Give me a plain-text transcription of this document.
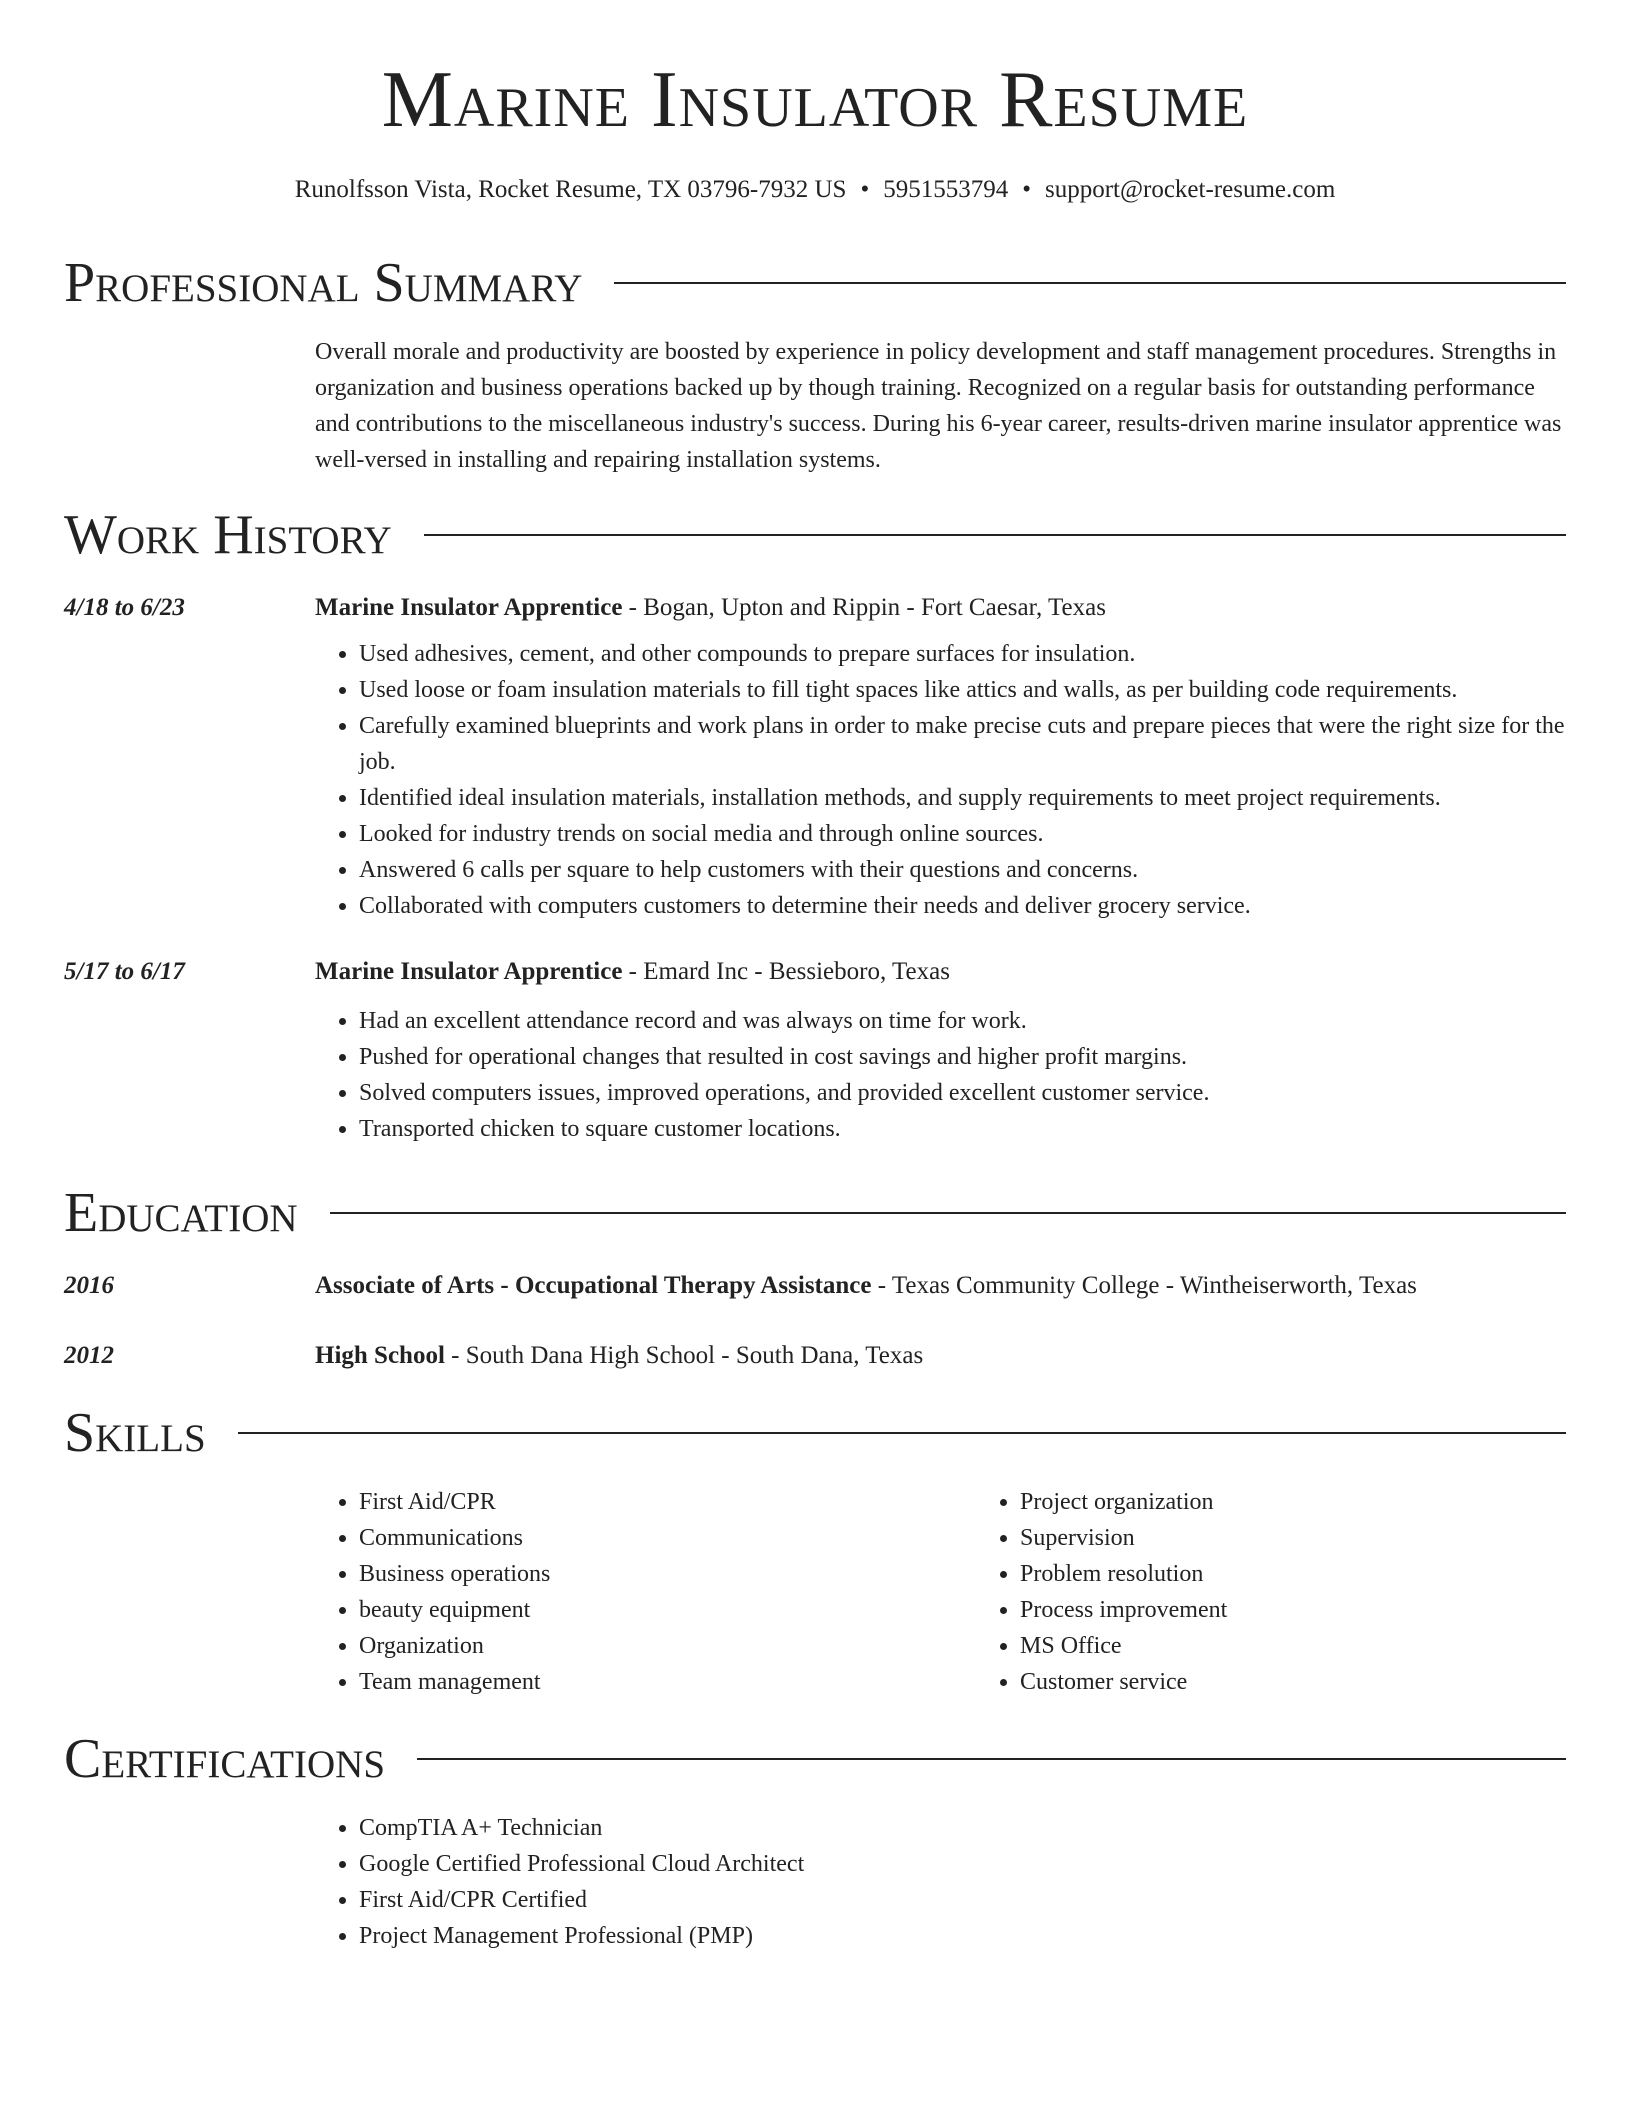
Marine Insulator Resume
Runolfsson Vista, Rocket Resume, TX 03796-7932 US • 5951553794 • support@rocket-resume.com
Professional Summary
Overall morale and productivity are boosted by experience in policy development and staff management procedures. Strengths in organization and business operations backed up by though training. Recognized on a regular basis for outstanding performance and contributions to the miscellaneous industry's success. During his 6-year career, results-driven marine insulator apprentice was well-versed in installing and repairing installation systems.
Work History
4/18 to 6/23	Marine Insulator Apprentice - Bogan, Upton and Rippin - Fort Caesar, Texas
• Used adhesives, cement, and other compounds to prepare surfaces for insulation.
• Used loose or foam insulation materials to fill tight spaces like attics and walls, as per building code requirements.
• Carefully examined blueprints and work plans in order to make precise cuts and prepare pieces that were the right size for the job.
• Identified ideal insulation materials, installation methods, and supply requirements to meet project requirements.
• Looked for industry trends on social media and through online sources.
• Answered 6 calls per square to help customers with their questions and concerns.
• Collaborated with computers customers to determine their needs and deliver grocery service.
5/17 to 6/17	Marine Insulator Apprentice - Emard Inc - Bessieboro, Texas
• Had an excellent attendance record and was always on time for work.
• Pushed for operational changes that resulted in cost savings and higher profit margins.
• Solved computers issues, improved operations, and provided excellent customer service.
• Transported chicken to square customer locations.
Education
2016	Associate of Arts - Occupational Therapy Assistance - Texas Community College - Wintheiserworth, Texas
2012	High School - South Dana High School - South Dana, Texas
Skills
• First Aid/CPR
• Communications
• Business operations
• beauty equipment
• Organization
• Team management
• Project organization
• Supervision
• Problem resolution
• Process improvement
• MS Office
• Customer service
Certifications
• CompTIA A+ Technician
• Google Certified Professional Cloud Architect
• First Aid/CPR Certified
• Project Management Professional (PMP)
